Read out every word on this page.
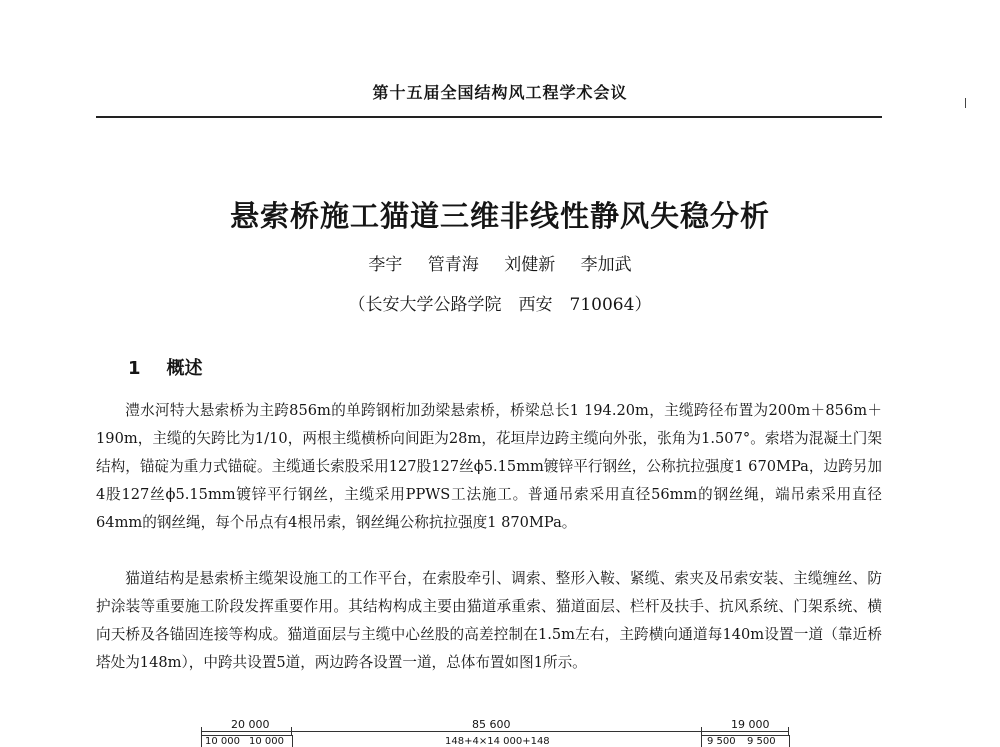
第十五届全国结构风工程学术会议
悬索桥施工猫道三维非线性静风失稳分析
李宇 管青海 刘健新 李加武
（长安大学公路学院　西安　710064）
1 概述

澧水河特大悬索桥为主跨856m的单跨钢桁加劲梁悬索桥，桥梁总长1 194.20m，主缆跨径布置为200m＋856m＋190m，主缆的矢跨比为1/10，两根主缆横桥向间距为28m，花垣岸边跨主缆向外张，张角为1.507°。索塔为混凝土门架结构，锚碇为重力式锚碇。主缆通长索股采用127股127丝ϕ5.15mm镀锌平行钢丝，公称抗拉强度1 670MPa，边跨另加4股127丝ϕ5.15mm镀锌平行钢丝，主缆采用PPWS工法施工。普通吊索采用直径56mm的钢丝绳，端吊索采用直径64mm的钢丝绳，每个吊点有4根吊索，钢丝绳公称抗拉强度1 870MPa。

猫道结构是悬索桥主缆架设施工的工作平台，在索股牵引、调索、整形入鞍、紧缆、索夹及吊索安装、主缆缠丝、防护涂装等重要施工阶段发挥重要作用。其结构构成主要由猫道承重索、猫道面层、栏杆及扶手、抗风系统、门架系统、横向天桥及各锚固连接等构成。猫道面层与主缆中心丝股的高差控制在1.5m左右，主跨横向通道每140m设置一道（靠近桥塔处为148m），中跨共设置5道，两边跨各设置一道，总体布置如图1所示。

20 000	85 600	19 000
10 000 10 000	148+4×14 000+148	9 500 9 500
